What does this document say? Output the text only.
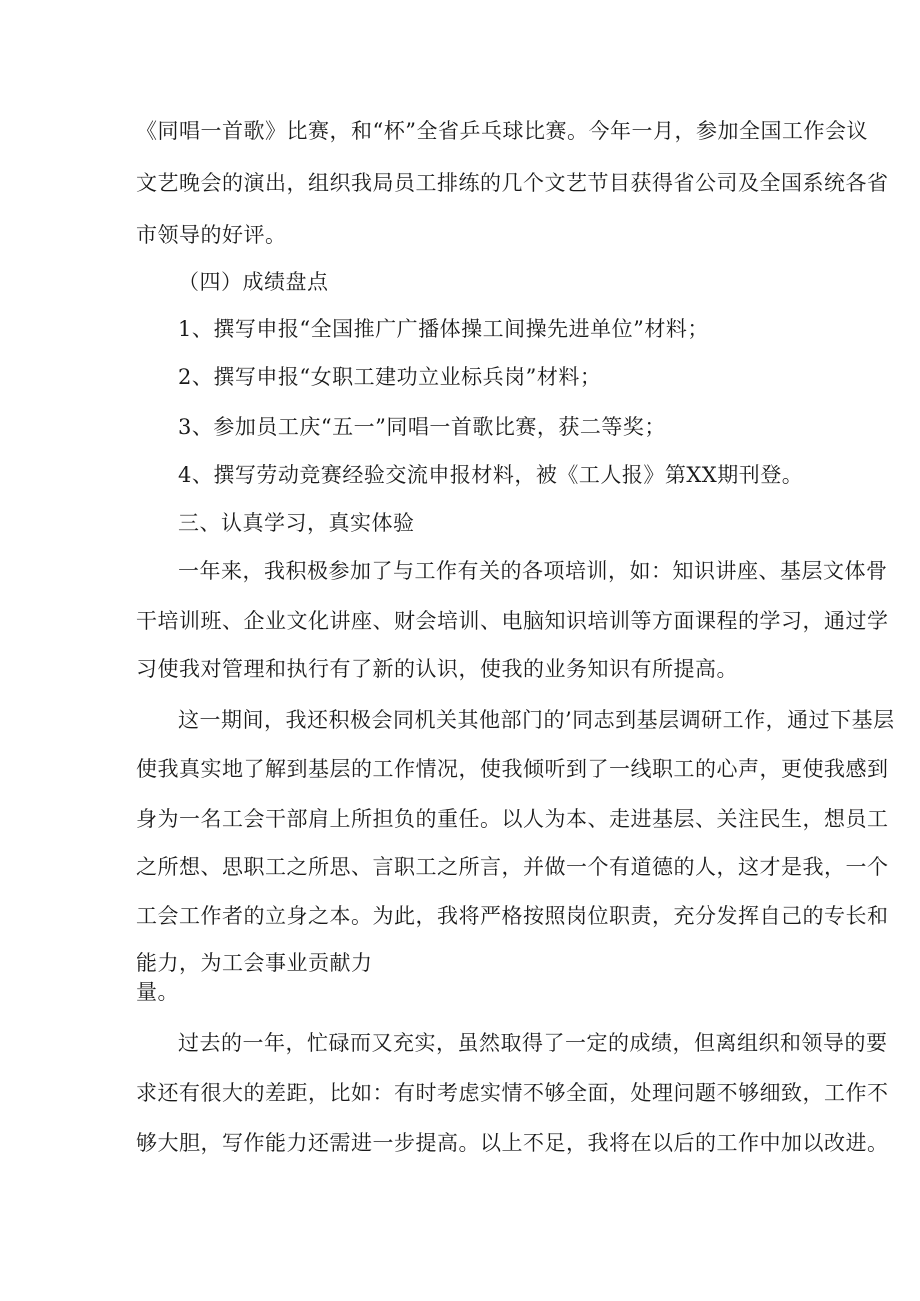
《同唱一首歌》比赛，和“杯”全省乒乓球比赛。今年一月，参加全国工作会议
文艺晚会的演出，组织我局员工排练的几个文艺节目获得省公司及全国系统各省
市领导的好评。
（四）成绩盘点
1、撰写申报“全国推广广播体操工间操先进单位”材料；
2、撰写申报“女职工建功立业标兵岗”材料；
3、参加员工庆“五一”同唱一首歌比赛，获二等奖；
4、撰写劳动竞赛经验交流申报材料，被《工人报》第XX期刊登。
三、认真学习，真实体验
一年来，我积极参加了与工作有关的各项培训，如：知识讲座、基层文体骨
干培训班、企业文化讲座、财会培训、电脑知识培训等方面课程的学习，通过学
习使我对管理和执行有了新的认识，使我的业务知识有所提高。
这一期间，我还积极会同机关其他部门的’同志到基层调研工作，通过下基层
使我真实地了解到基层的工作情况，使我倾听到了一线职工的心声，更使我感到
身为一名工会干部肩上所担负的重任。以人为本、走进基层、关注民生，想员工
之所想、思职工之所思、言职工之所言，并做一个有道德的人，这才是我，一个
工会工作者的立身之本。为此，我将严格按照岗位职责，充分发挥自己的专长和
能力，为工会事业贡献力
量。
过去的一年，忙碌而又充实，虽然取得了一定的成绩，但离组织和领导的要
求还有很大的差距，比如：有时考虑实情不够全面，处理问题不够细致，工作不
够大胆，写作能力还需进一步提高。以上不足，我将在以后的工作中加以改进。
